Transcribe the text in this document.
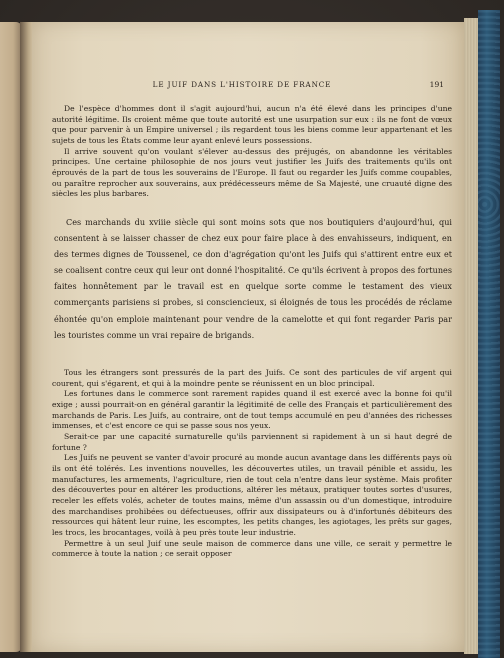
LE JUIF DANS L'HISTOIRE DE FRANCE	191

De l'espèce d'hommes dont il s'agit aujourd'hui, aucun n'a été élevé dans les principes d'une autorité légitime. Ils croient même que toute autorité est une usurpation sur eux : ils ne font de vœux que pour parvenir à un Empire universel ; ils regardent tous les biens comme leur appartenant et les sujets de tous les États comme leur ayant enlevé leurs possessions.

Il arrive souvent qu'on voulant s'élever au-dessus des préjugés, on abandonne les véritables principes. Une certaine philosophie de nos jours veut justifier les Juifs des traitements qu'ils ont éprouvés de la part de tous les souverains de l'Europe. Il faut ou regarder les Juifs comme coupables, ou paraître reprocher aux souverains, aux prédécesseurs même de Sa Majesté, une cruauté digne des siècles les plus barbares.

Ces marchands du xviiie siècle qui sont moins sots que nos boutiquiers d'aujourd'hui, qui consentent à se laisser chasser de chez eux pour faire place à des envahisseurs, indiquent, en des termes dignes de Toussenel, ce don d'agrégation qu'ont les Juifs qui s'attirent entre eux et se coalisent contre ceux qui leur ont donné l'hospitalité. Ce qu'ils écrivent à propos des fortunes faites honnêtement par le travail est en quelque sorte comme le testament des vieux commerçants parisiens si probes, si consciencieux, si éloignés de tous les procédés de réclame éhontée qu'on emploie maintenant pour vendre de la camelotte et qui font regarder Paris par les touristes comme un vrai repaire de brigands.

Tous les étrangers sont pressurés de la part des Juifs. Ce sont des particules de vif argent qui courent, qui s'égarent, et qui à la moindre pente se réunissent en un bloc principal.

Les fortunes dans le commerce sont rarement rapides quand il est exercé avec la bonne foi qu'il exige ; aussi pourrait-on en général garantir la légitimité de celle des Français et particulièrement des marchands de Paris. Les Juifs, au contraire, ont de tout temps accumulé en peu d'années des richesses immenses, et c'est encore ce qui se passe sous nos yeux.

Serait-ce par une capacité surnaturelle qu'ils parviennent si rapidement à un si haut degré de fortune ?

Les Juifs ne peuvent se vanter d'avoir procuré au monde aucun avantage dans les différents pays où ils ont été tolérés. Les inventions nouvelles, les découvertes utiles, un travail pénible et assidu, les manufactures, les armements, l'agriculture, rien de tout cela n'entre dans leur système. Mais profiter des découvertes pour en altérer les productions, altérer les métaux, pratiquer toutes sortes d'usures, receler les effets volés, acheter de toutes mains, même d'un assassin ou d'un domestique, introduire des marchandises prohibées ou défectueuses, offrir aux dissipateurs ou à d'infortunés débiteurs des ressources qui hâtent leur ruine, les escomptes, les petits changes, les agiotages, les prêts sur gages, les trocs, les brocantages, voilà à peu près toute leur industrie.

Permettre à un seul Juif une seule maison de commerce dans une ville, ce serait y permettre le commerce à toute la nation ; ce serait opposer
